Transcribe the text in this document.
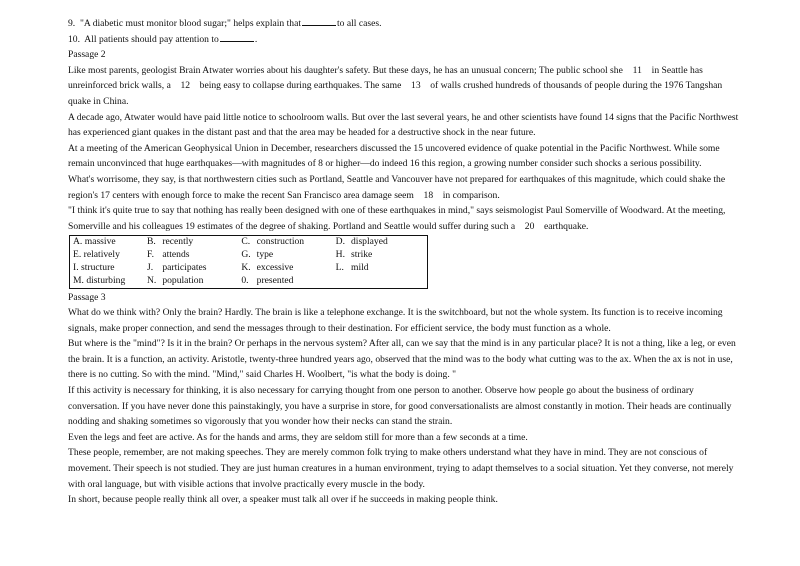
9. "A diabetic must monitor blood sugar;" helps explain that	to all cases.
10. All patients should pay attention to	.
Passage 2
Like most parents, geologist Brain Atwater worries about his daughter's safety. But these days, he has an unusual concern; The public school she 11 in Seattle has unreinforced brick walls, a 12 being easy to collapse during earthquakes. The same 13 of walls crushed hundreds of thousands of people during the 1976 Tangshan quake in China.
A decade ago, Atwater would have paid little notice to schoolroom walls. But over the last several years, he and other scientists have found 14 signs that the Pacific Northwest has experienced giant quakes in the distant past and that the area may be headed for a destructive shock in the near future.
At a meeting of the American Geophysical Union in December, researchers discussed the 15 uncovered evidence of quake potential in the Pacific Northwest. While some remain unconvinced that huge earthquakes—with magnitudes of 8 or higher—do indeed 16 this region, a growing number consider such shocks a serious possibility.
What's worrisome, they say, is that northwestern cities such as Portland, Seattle and Vancouver have not prepared for earthquakes of this magnitude, which could shake the region's 17 centers with enough force to make the recent San Francisco area damage seem 18 in comparison.
"I think it's quite true to say that nothing has really been designed with one of these earthquakes in mind," says seismologist Paul Somerville of Woodward. At the meeting, Somerville and his colleagues 19 estimates of the degree of shaking. Portland and Seattle would suffer during such a 20 earthquake.
A. massive	B.	recently	C.	construction	D.	displayed
E. relatively	F.	attends	G.	type	H.	strike
I. structure	J.	participates	K.	excessive	L.	mild
M. disturbing	N.	population	0.	presented		
Passage 3
What do we think with? Only the brain? Hardly. The brain is like a telephone exchange. It is the switchboard, but not the whole system. Its function is to receive incoming signals, make proper connection, and send the messages through to their destination. For efficient service, the body must function as a whole.
But where is the "mind"? Is it in the brain? Or perhaps in the nervous system? After all, can we say that the mind is in any particular place? It is not a thing, like a leg, or even the brain. It is a function, an activity. Aristotle, twenty-three hundred years ago, observed that the mind was to the body what cutting was to the ax. When the ax is not in use, there is no cutting. So with the mind. "Mind," said Charles H. Woolbert, "is what the body is doing. "
If this activity is necessary for thinking, it is also necessary for carrying thought from one person to another. Observe how people go about the business of ordinary conversation. If you have never done this painstakingly, you have a surprise in store, for good conversationalists are almost constantly in motion. Their heads are continually nodding and shaking sometimes so vigorously that you wonder how their necks can stand the strain.
Even the legs and feet are active. As for the hands and arms, they are seldom still for more than a few seconds at a time.
These people, remember, are not making speeches. They are merely common folk trying to make others understand what they have in mind. They are not conscious of movement. Their speech is not studied. They are just human creatures in a human environment, trying to adapt themselves to a social situation. Yet they converse, not merely with oral language, but with visible actions that involve practically every muscle in the body.
In short, because people really think all over, a speaker must talk all over if he succeeds in making people think.
